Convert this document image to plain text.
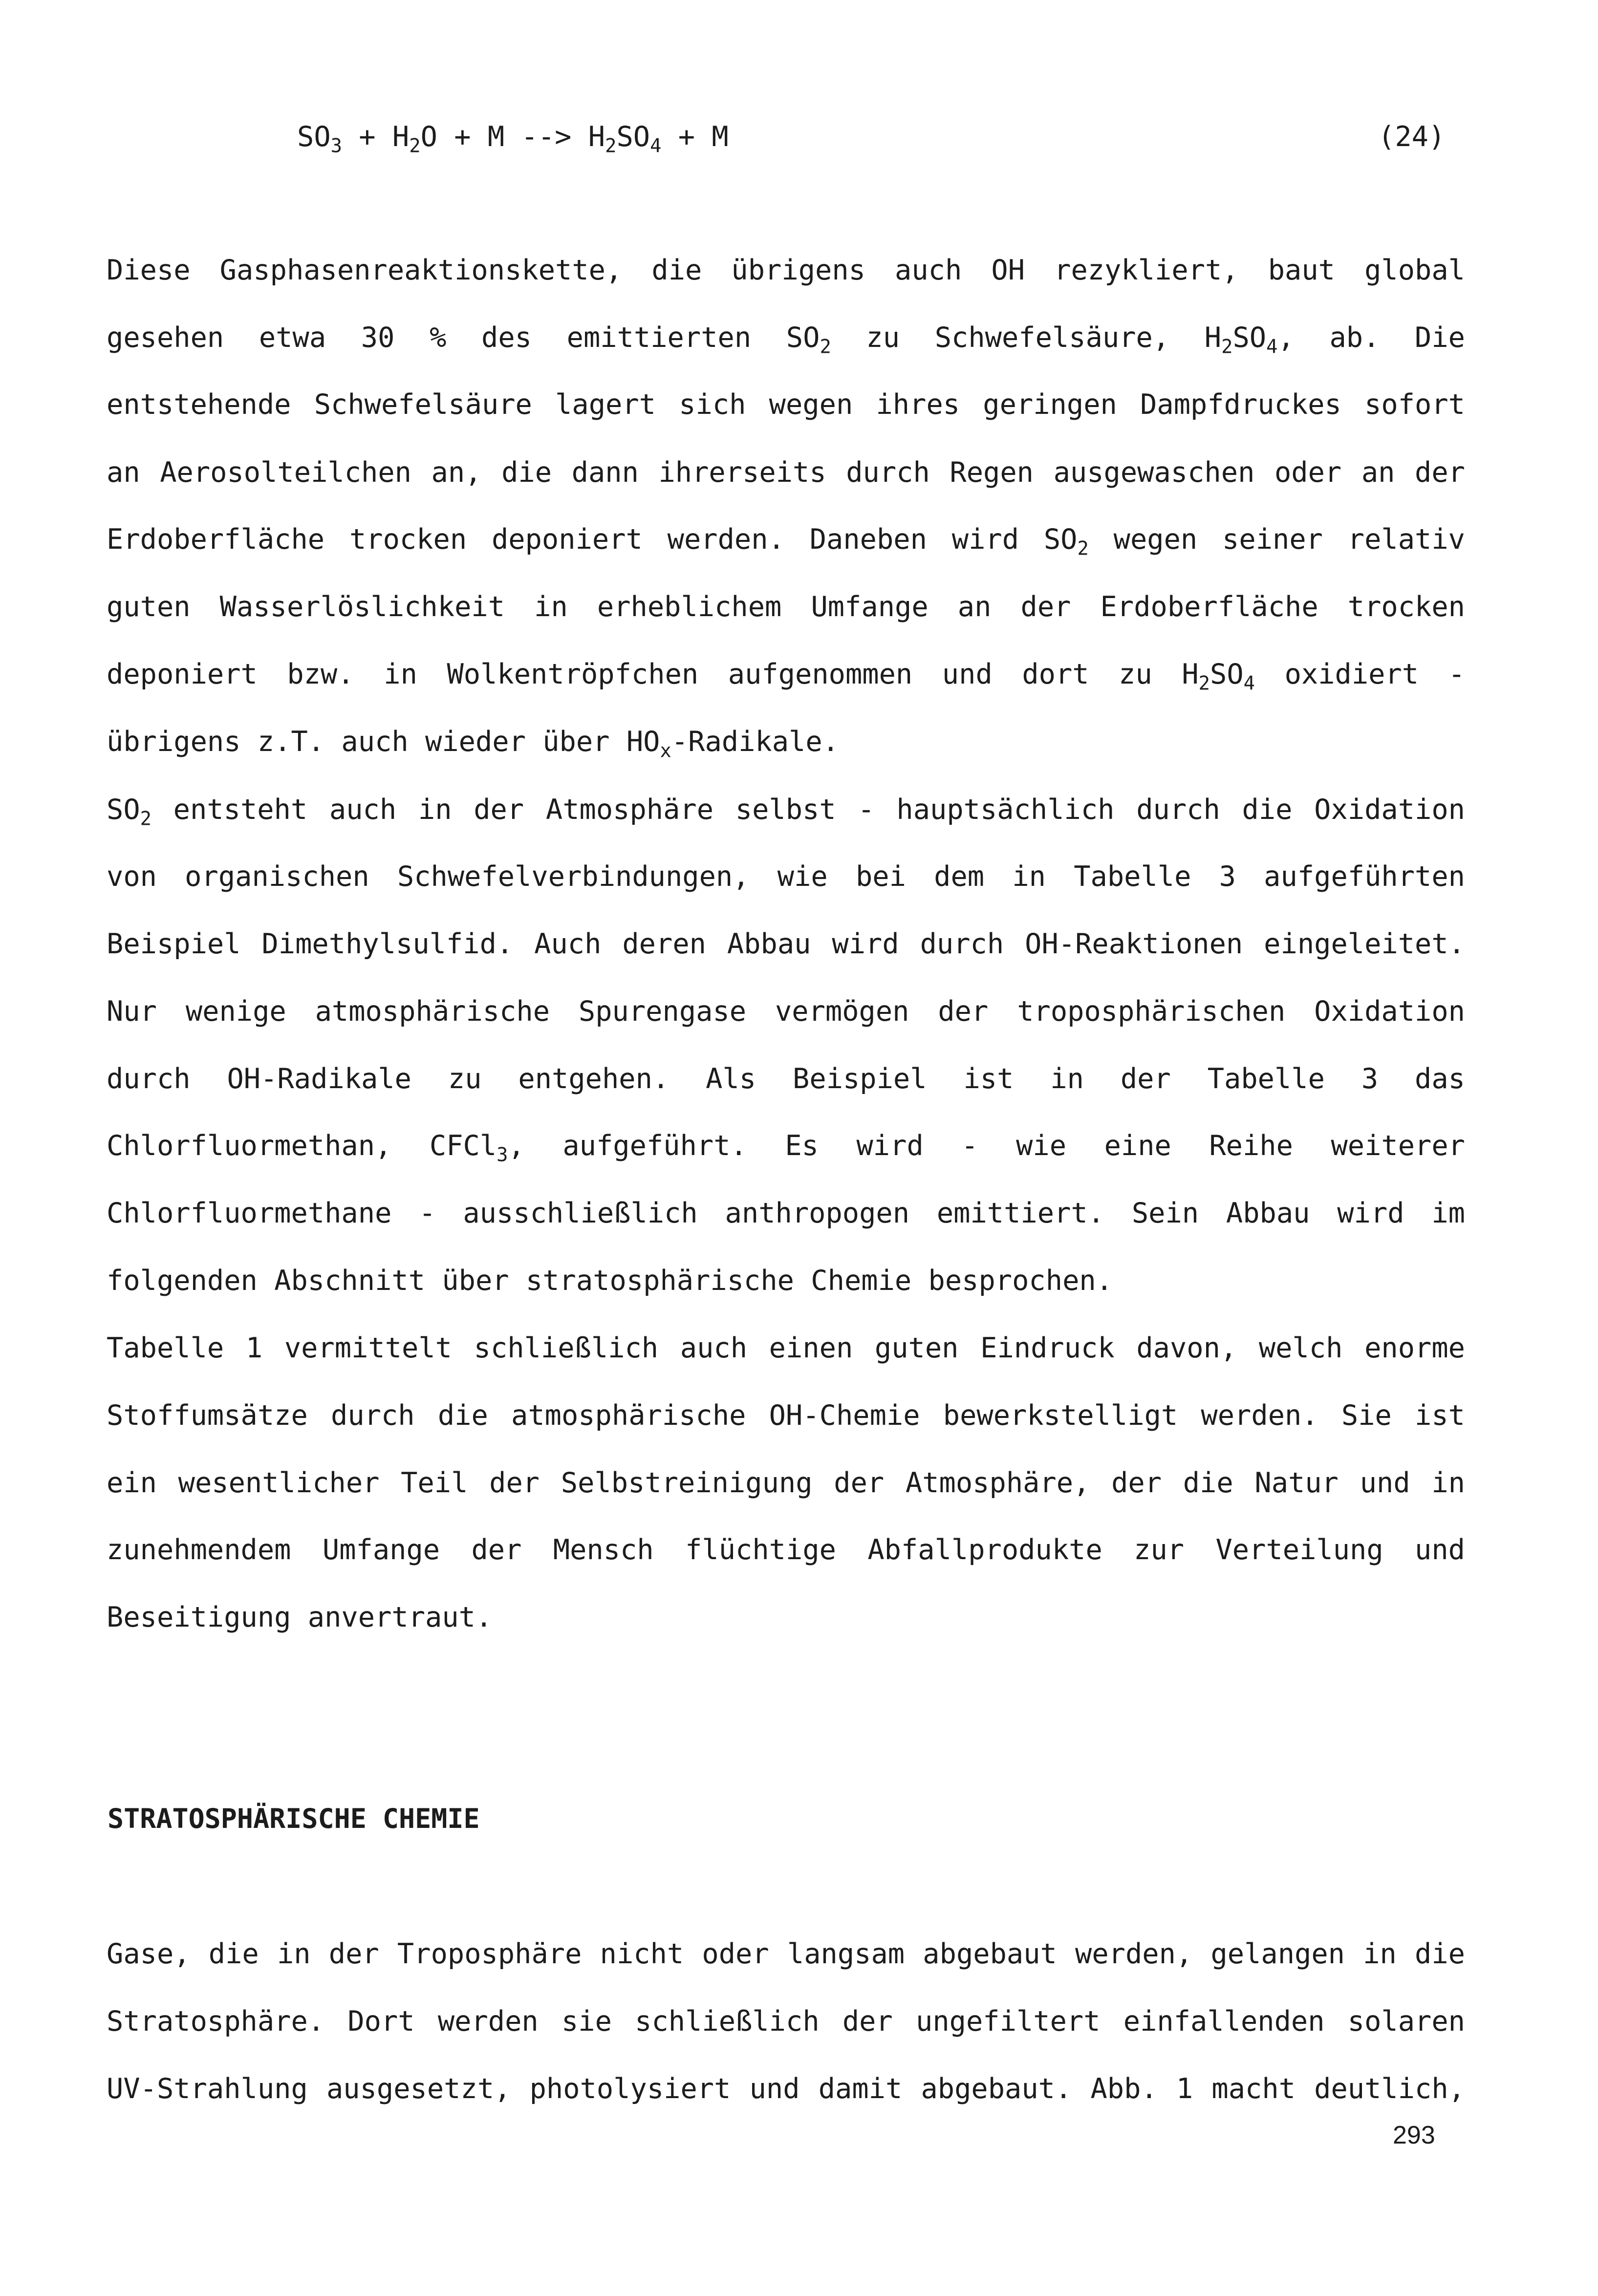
$SO_3 + H_2O + M$ --> $H_2SO_4 + M$	(24)
Diese Gasphasenreaktionskette, die übrigens auch OH rezykliert, baut global
gesehen etwa 30 % des emittierten $SO_2$ zu Schwefelsäure, $H_2SO_4$, ab. Die
entstehende Schwefelsäure lagert sich wegen ihres geringen Dampfdruckes sofort
an Aerosolteilchen an, die dann ihrerseits durch Regen ausgewaschen oder an der
Erdoberfläche trocken deponiert werden. Daneben wird $SO_2$ wegen seiner relativ
guten Wasserlöslichkeit in erheblichem Umfange an der Erdoberfläche trocken
deponiert bzw. in Wolkentröpfchen aufgenommen und dort zu $H_2SO_4$ oxidiert -
übrigens z.T. auch wieder über $HO_x$-Radikale.
$SO_2$ entsteht auch in der Atmosphäre selbst - hauptsächlich durch die Oxidation
von organischen Schwefelverbindungen, wie bei dem in Tabelle 3 aufgeführten
Beispiel Dimethylsulfid. Auch deren Abbau wird durch OH-Reaktionen eingeleitet.
Nur wenige atmosphärische Spurengase vermögen der troposphärischen Oxidation
durch OH-Radikale zu entgehen. Als Beispiel ist in der Tabelle 3 das
Chlorfluormethan, CFCl$_3$, aufgeführt. Es wird - wie eine Reihe weiterer
Chlorfluormethane - ausschließlich anthropogen emittiert. Sein Abbau wird im
folgenden Abschnitt über stratosphärische Chemie besprochen.
Tabelle 1 vermittelt schließlich auch einen guten Eindruck davon, welch enorme
Stoffumsätze durch die atmosphärische OH-Chemie bewerkstelligt werden. Sie ist
ein wesentlicher Teil der Selbstreinigung der Atmosphäre, der die Natur und in
zunehmendem Umfange der Mensch flüchtige Abfallprodukte zur Verteilung und
Beseitigung anvertraut.
STRATOSPHÄRISCHE CHEMIE
Gase, die in der Troposphäre nicht oder langsam abgebaut werden, gelangen in die
Stratosphäre. Dort werden sie schließlich der ungefiltert einfallenden solaren
UV-Strahlung ausgesetzt, photolysiert und damit abgebaut. Abb. 1 macht deutlich,
293
